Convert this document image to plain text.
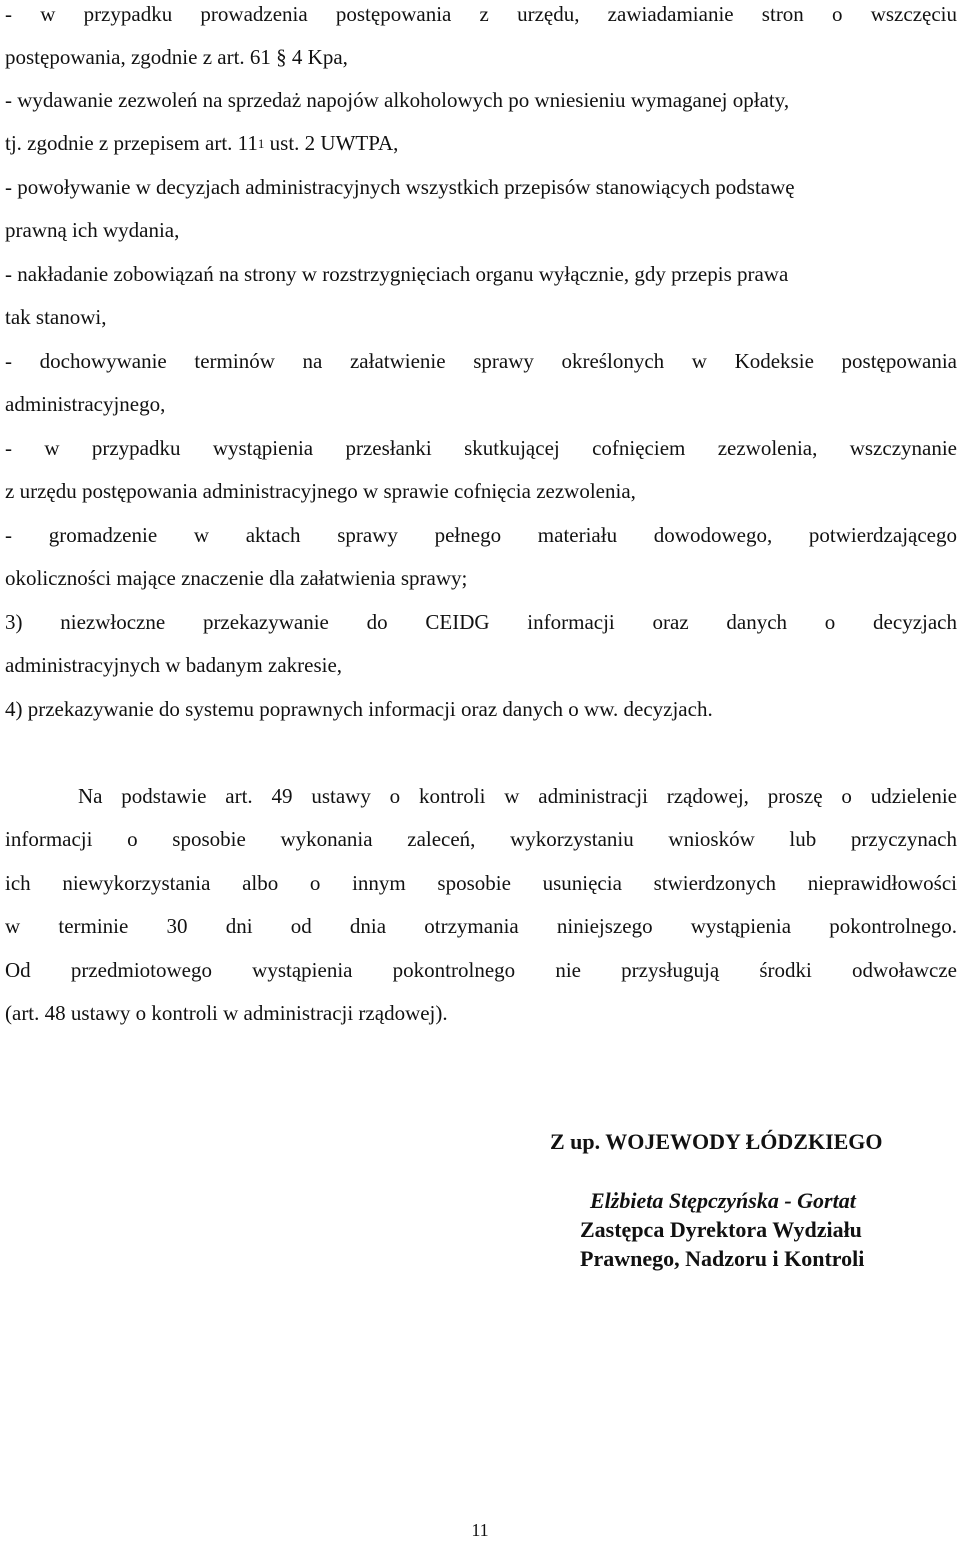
- w przypadku prowadzenia postępowania z urzędu, zawiadamianie stron o wszczęciu
postępowania, zgodnie z art. 61 § 4 Kpa,
- wydawanie zezwoleń na sprzedaż napojów alkoholowych po wniesieniu wymaganej opłaty,
tj. zgodnie z przepisem art. $11^1$ ust. 2 UWTPA,
- powoływanie w decyzjach administracyjnych wszystkich przepisów stanowiących podstawę
prawną ich wydania,
- nakładanie zobowiązań na strony w rozstrzygnięciach organu wyłącznie, gdy przepis prawa
tak stanowi,
- dochowywanie terminów na załatwienie sprawy określonych w Kodeksie postępowania
administracyjnego,
- w przypadku wystąpienia przesłanki skutkującej cofnięciem zezwolenia, wszczynanie
z urzędu postępowania administracyjnego w sprawie cofnięcia zezwolenia,
- gromadzenie w aktach sprawy pełnego materiału dowodowego, potwierdzającego
okoliczności mające znaczenie dla załatwienia sprawy;
3) niezwłoczne przekazywanie do CEIDG informacji oraz danych o decyzjach
administracyjnych w badanym zakresie,
4) przekazywanie do systemu poprawnych informacji oraz danych o ww. decyzjach.
Na podstawie art. 49 ustawy o kontroli w administracji rządowej, proszę o udzielenie
informacji o sposobie wykonania zaleceń, wykorzystaniu wniosków lub przyczynach
ich niewykorzystania albo o innym sposobie usunięcia stwierdzonych nieprawidłowości
w terminie 30 dni od dnia otrzymania niniejszego wystąpienia pokontrolnego.
Od przedmiotowego wystąpienia pokontrolnego nie przysługują środki odwoławcze
(art. 48 ustawy o kontroli w administracji rządowej).
Z up. WOJEWODY ŁÓDZKIEGO
Elżbieta Stępczyńska - Gortat
Zastępca Dyrektora Wydziału
Prawnego, Nadzoru i Kontroli
11
